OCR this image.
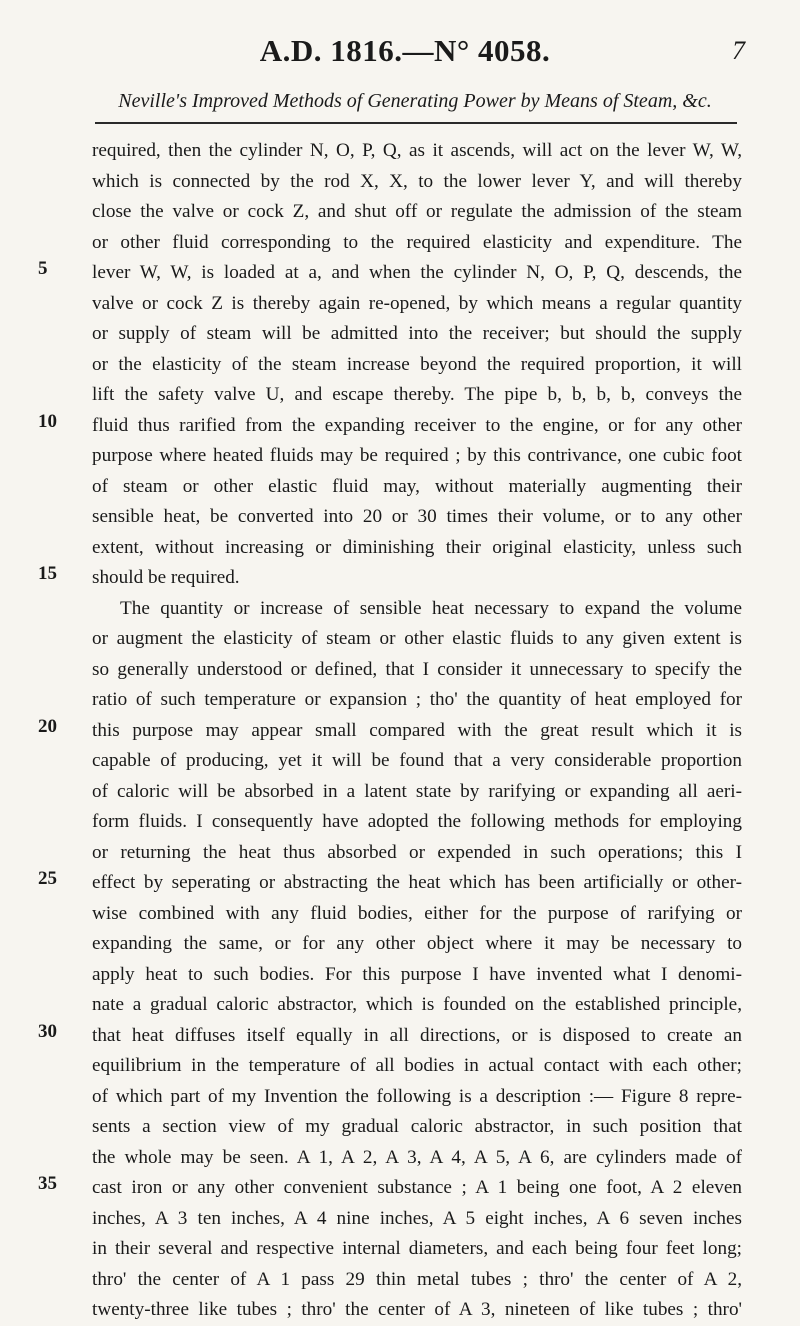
A.D. 1816.—N° 4058.	7
Neville's Improved Methods of Generating Power by Means of Steam, &c.
5
10
15
20
25
30
35
required, then the cylinder N, O, P, Q, as it ascends, will act on the lever W, W,
which is connected by the rod X, X, to the lower lever Y, and will thereby
close the valve or cock Z, and shut off or regulate the admission of the steam
or other fluid corresponding to the required elasticity and expenditure. The
lever W, W, is loaded at a, and when the cylinder N, O, P, Q, descends, the
valve or cock Z is thereby again re-opened, by which means a regular quantity
or supply of steam will be admitted into the receiver; but should the supply
or the elasticity of the steam increase beyond the required proportion, it will
lift the safety valve U, and escape thereby. The pipe b, b, b, b, conveys the
fluid thus rarified from the expanding receiver to the engine, or for any other
purpose where heated fluids may be required ; by this contrivance, one cubic foot
of steam or other elastic fluid may, without materially augmenting their
sensible heat, be converted into 20 or 30 times their volume, or to any other
extent, without increasing or diminishing their original elasticity, unless such
should be required.
The quantity or increase of sensible heat necessary to expand the volume
or augment the elasticity of steam or other elastic fluids to any given extent is
so generally understood or defined, that I consider it unnecessary to specify the
ratio of such temperature or expansion ; tho' the quantity of heat employed for
this purpose may appear small compared with the great result which it is
capable of producing, yet it will be found that a very considerable proportion
of caloric will be absorbed in a latent state by rarifying or expanding all aeri-
form fluids. I consequently have adopted the following methods for employing
or returning the heat thus absorbed or expended in such operations; this I
effect by seperating or abstracting the heat which has been artificially or other-
wise combined with any fluid bodies, either for the purpose of rarifying or
expanding the same, or for any other object where it may be necessary to
apply heat to such bodies. For this purpose I have invented what I denomi-
nate a gradual caloric abstractor, which is founded on the established principle,
that heat diffuses itself equally in all directions, or is disposed to create an
equilibrium in the temperature of all bodies in actual contact with each other;
of which part of my Invention the following is a description :— Figure 8 repre-
sents a section view of my gradual caloric abstractor, in such position that
the whole may be seen. A 1, A 2, A 3, A 4, A 5, A 6, are cylinders made of
cast iron or any other convenient substance ; A 1 being one foot, A 2 eleven
inches, A 3 ten inches, A 4 nine inches, A 5 eight inches, A 6 seven inches
in their several and respective internal diameters, and each being four feet long;
thro' the center of A 1 pass 29 thin metal tubes ; thro' the center of A 2,
twenty-three like tubes ; thro' the center of A 3, nineteen of like tubes ; thro'
